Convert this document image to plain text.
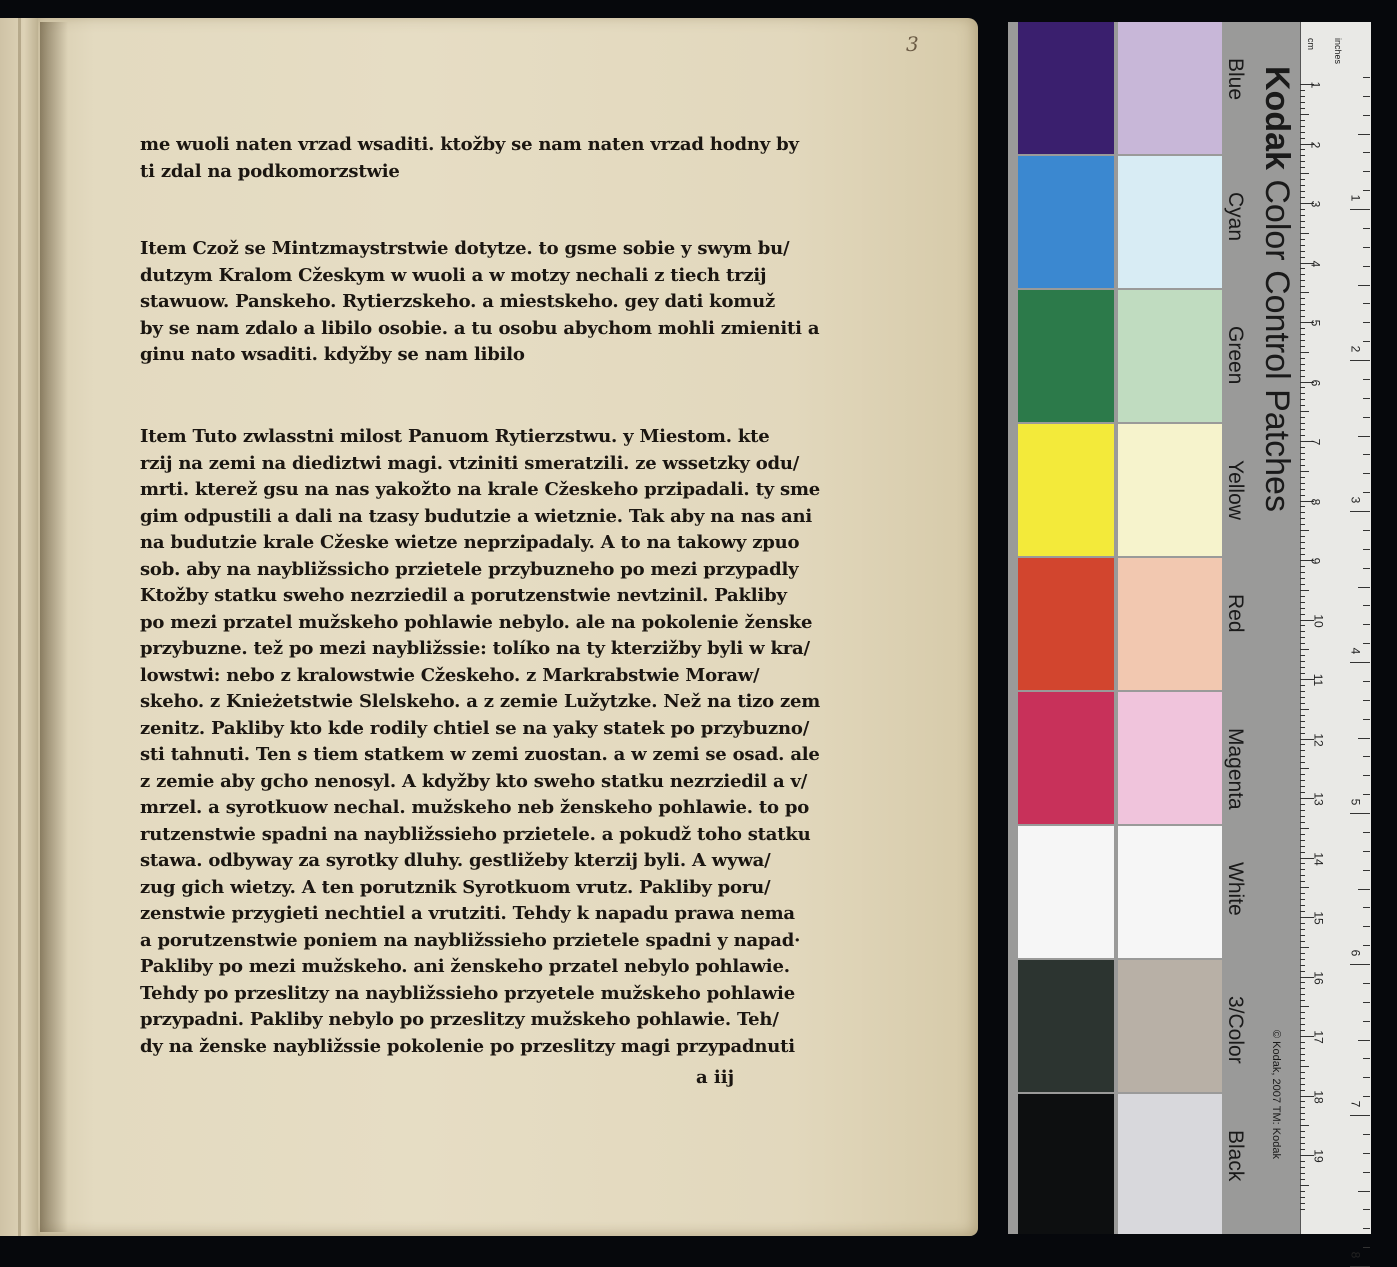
3
me wuoli naten vrzad wsaditi. ktožby se nam naten vrzad hodny by
ti zdal na podkomorzstwie
Item Czož se Mintzmaystrstwie dotytze. to gsme sobie y swym bu/
dutzym Kralom Cžeskym w wuoli a w motzy nechali z tiech trzij
stawuow. Panskeho. Rytierzskeho. a miestskeho. gey dati komuž
by se nam zdalo a libilo osobie. a tu osobu abychom mohli zmieniti a
ginu nato wsaditi. kdyžby se nam libilo
Item Tuto zwlasstni milost Panuom Rytierzstwu. y Miestom. kte
rzij na zemi na diediztwi magi. vtziniti smeratzili. ze wssetzky odu/
mrti. kterež gsu na nas yakožto na krale Cžeskeho przipadali. ty sme
gim odpustili a dali na tzasy budutzie a wietznie. Tak aby na nas ani
na budutzie krale Cžeske wietze neprzipadaly. A to na takowy zpuo
sob. aby na naybližssicho przietele przybuzneho po mezi przypadly
Ktožby statku sweho nezrziedil a porutzenstwie nevtzinil. Pakliby
po mezi przatel mužskeho pohlawie nebylo. ale na pokolenie ženske
przybuzne. tež po mezi naybližssie: tolíko na ty kterzižby byli w kra/
lowstwi: nebo z kralowstwie Cžeskeho. z Markrabstwie Moraw/
skeho. z Knieżetstwie Slelskeho. a z zemie Lužytzke. Než na tizo zem
zenitz. Pakliby kto kde rodily chtiel se na yaky statek po przybuzno/
sti tahnuti. Ten s tiem statkem w zemi zuostan. a w zemi se osad. ale
z zemie aby gcho nenosyl. A kdyžby kto sweho statku nezrziedil a v/
mrzel. a syrotkuow nechal. mužskeho neb ženskeho pohlawie. to po
rutzenstwie spadni na naybližssieho przietele. a pokudž toho statku
stawa. odbyway za syrotky dluhy. gestližeby kterzij byli. A wywa/
zug gich wietzy. A ten porutznik Syrotkuom vrutz. Pakliby poru/
zenstwie przygieti nechtiel a vrutziti. Tehdy k napadu prawa nema
a porutzenstwie poniem na naybližssieho przietele spadni y napad·
Pakliby po mezi mužskeho. ani ženskeho przatel nebylo pohlawie.
Tehdy po przeslitzy na naybližssieho przyetele mužskeho pohlawie
przypadni. Pakliby nebylo po przeslitzy mužskeho pohlawie. Teh/
dy na ženske naybližssie pokolenie po przeslitzy magi przypadnuti
a iij
Kodak Color Control Patches
Blue
Cyan
Green
Yellow
Red
Magenta
White
3/Color
Black © Kodak, 2007 TM: Kodak
cm inches
1
2
3
4
5
6
7
8
9
10
11
12
13
14
15
16
17
18
19
1
2
3
4
5
6
7
8
